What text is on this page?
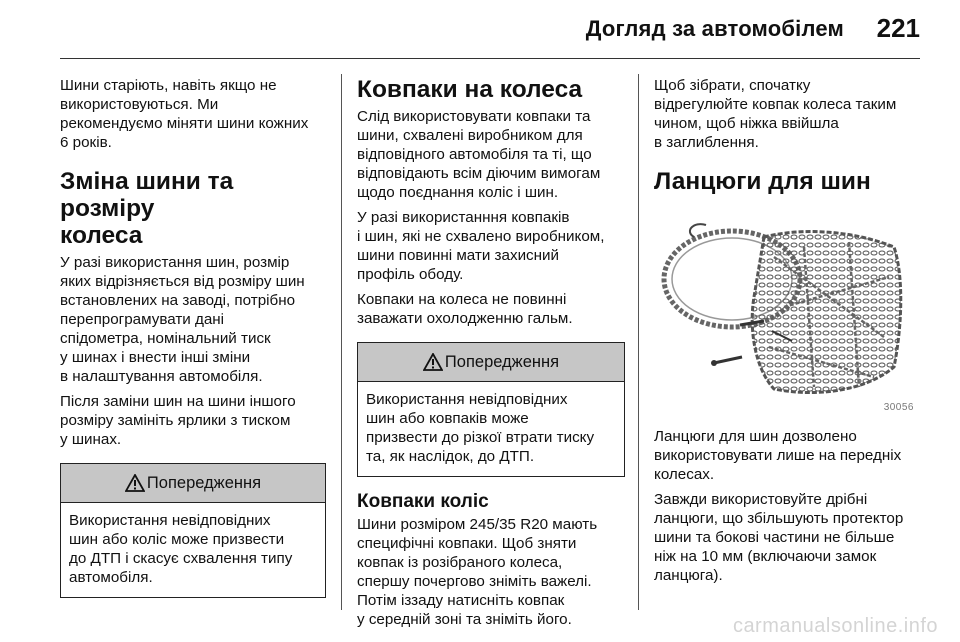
Догляд за автомобілем 221

Шини старіють, навіть якщо не
використовуються. Ми
рекомендуємо міняти шини кожних
6 років.

Зміна шини та розміру
колеса

У разі використання шин, розмір
яких відрізняється від розміру шин
встановлених на заводі, потрібно
перепрограмувати дані
спідометра, номінальний тиск
у шинах і внести інші зміни
в налаштування автомобіля.

Після заміни шин на шини іншого
розміру замініть ярлики з тиском
у шинах.

Попередження

Використання невідповідних
шин або коліс може призвести
до ДТП і скасує схвалення типу
автомобіля.

Ковпаки на колеса

Слід використовувати ковпаки та
шини, схвалені виробником для
відповідного автомобіля та ті, що
відповідають всім діючим вимогам
щодо поєднання коліс і шин.

У разі використанння ковпаків
і шин, які не схвалено виробником,
шини повинні мати захисний
профіль ободу.

Ковпаки на колеса не повинні
заважати охолодженню гальм.

Попередження

Використання невідповідних
шин або ковпаків може
призвести до різкої втрати тиску
та, як наслідок, до ДТП.

Ковпаки коліс

Шини розміром 245/35 R20 мають
специфічні ковпаки. Щоб зняти
ковпак із розібраного колеса,
спершу почергово зніміть важелі.
Потім іззаду натисніть ковпак
у середній зоні та зніміть його.

Щоб зібрати, спочатку
відрегулюйте ковпак колеса таким
чином, щоб ніжка ввійшла
в заглиблення.

Ланцюги для шин
30056

Ланцюги для шин дозволено
використовувати лише на передніх
колесах.

Завжди використовуйте дрібні
ланцюги, що збільшують протектор
шини та бокові частини не більше
ніж на 10 мм (включаючи замок
ланцюга).

carmanualsonline.info
